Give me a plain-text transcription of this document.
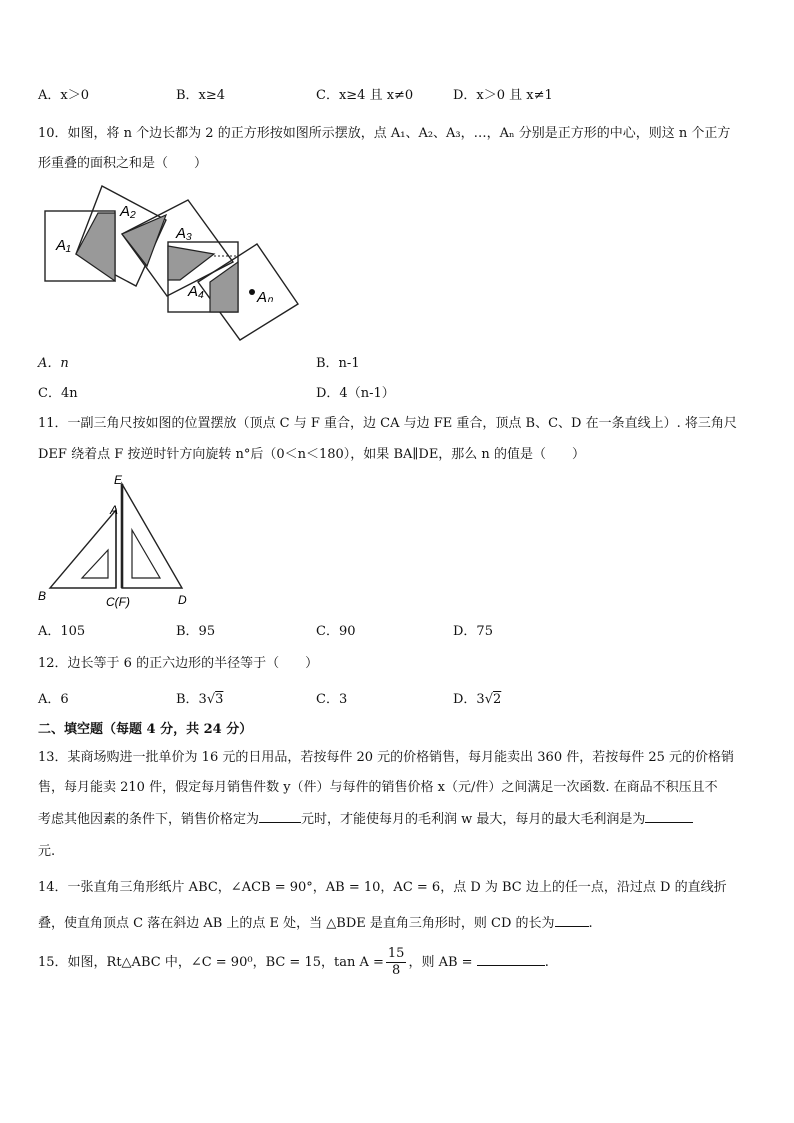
A．x＞0	B．x≥4	C．x≥4 且 x≠0	D．x＞0 且 x≠1
10．如图，将 n 个边长都为 2 的正方形按如图所示摆放，点 A₁、A₂、A₃，…，Aₙ 分别是正方形的中心，则这 n 个正方
形重叠的面积之和是（　　）
A₁
A₂
A₃
A₄	Aₙ
A．n	B．n-1
C．4n	D．4（n-1）
11．一副三角尺按如图的位置摆放（顶点 C 与 F 重合，边 CA 与边 FE 重合，顶点 B、C、D 在一条直线上）. 将三角尺
DEF 绕着点 F 按逆时针方向旋转 n°后（0＜n＜180），如果 BA∥DE，那么 n 的值是（　　）
E
A
B	C(F)	D
A．105	B．95	C．90	D．75
12．边长等于 6 的正六边形的半径等于（　　）
A．6	B．3√3	C．3	D．3√2
二、填空题（每题 4 分，共 24 分）
13．某商场购进一批单价为 16 元的日用品，若按每件 20 元的价格销售，每月能卖出 360 件，若按每件 25 元的价格销
售，每月能卖 210 件，假定每月销售件数 y（件）与每件的销售价格 x（元/件）之间满足一次函数. 在商品不积压且不
考虑其他因素的条件下，销售价格定为	元时，才能使每月的毛利润 w 最大，每月的最大毛利润是为
元.
14．一张直角三角形纸片 ABC，∠ACB = 90°，AB = 10，AC = 6，点 D 为 BC 边上的任一点，沿过点 D 的直线折
叠，使直角顶点 C 落在斜边 AB 上的点 E 处，当 △BDE 是直角三角形时，则 CD 的长为	.
15．如图，Rt△ABC 中，∠C = 90⁰，BC = 15，$\tan A = \frac{15}{8}$ ，则 AB =	.
